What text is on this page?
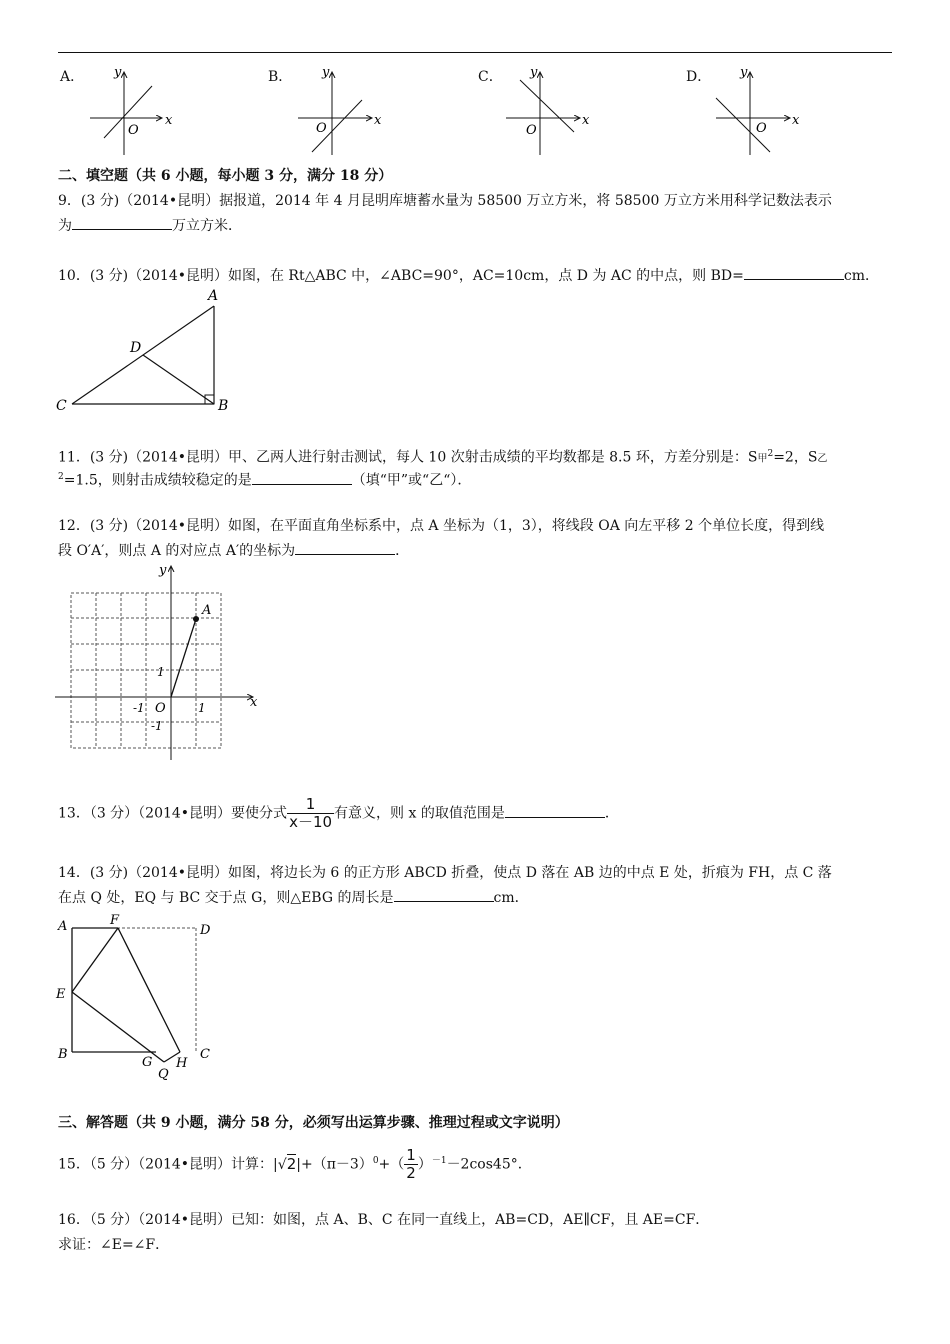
A．	B．	C．	D．
y
O
x
y
O
x
y
O
x
y
O
x
二、填空题（共 6 小题，每小题 3 分，满分 18 分）
9．(3 分)（2014•昆明）据报道，2014 年 4 月昆明库塘蓄水量为 58500 万立方米，将 58500 万立方米用科学记数法表示
为	万立方米．
10．(3 分)（2014•昆明）如图，在 Rt△ABC 中，∠ABC=90°，AC=10cm，点 D 为 AC 的中点，则 BD=	cm．
A
D
C	B
11．(3 分)（2014•昆明）甲、乙两人进行射击测试，每人 10 次射击成绩的平均数都是 8.5 环，方差分别是：S甲$^2$=2，S乙
$^2$=1.5，则射击成绩较稳定的是	（填“甲”或“乙“）．
12．(3 分)（2014•昆明）如图，在平面直角坐标系中，点 A 坐标为（1，3），将线段 OA 向左平移 2 个单位长度，得到线
段 O′A′，则点 A 的对应点 A′的坐标为	．
A
y
x
O
1
-1	1
-1
13．（3 分）（2014•昆明）要使分式 $\frac{1}{x-10}$ 有意义，则 x 的取值范围是	．
14．(3 分)（2014•昆明）如图，将边长为 6 的正方形 ABCD 折叠，使点 D 落在 AB 边的中点 E 处，折痕为 FH，点 C 落
在点 Q 处，EQ 与 BC 交于点 G，则△EBG 的周长是	cm．
A	F
D
E
B
G H
C
Q
三、解答题（共 9 小题，满分 58 分，必须写出运算步骤、推理过程或文字说明）
15．（5 分）（2014•昆明）计算：$|√2|+(\pi-3)^0+( \frac{1}{2} )^{-1}-2\cos 45^\circ$．
16．（5 分）（2014•昆明）已知：如图，点 A、B、C 在同一直线上，AB=CD，AE∥CF，且 AE=CF．
求证：∠E=∠F．
